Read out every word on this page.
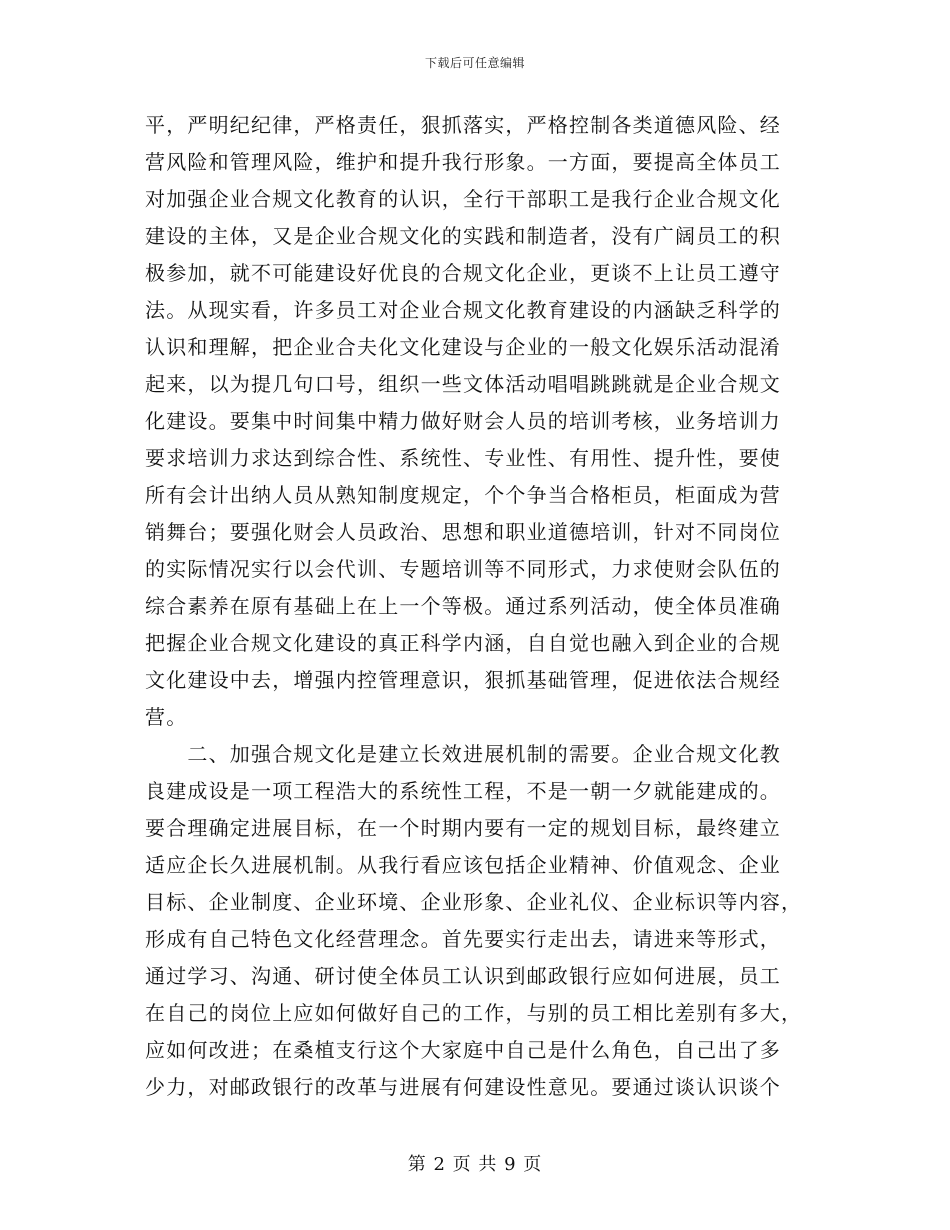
下载后可任意编辑
平，严明纪纪律，严格责任，狠抓落实，严格控制各类道德风险、经
营风险和管理风险，维护和提升我行形象。一方面，要提高全体员工
对加强企业合规文化教育的认识，全行干部职工是我行企业合规文化
建设的主体，又是企业合规文化的实践和制造者，没有广阔员工的积
极参加，就不可能建设好优良的合规文化企业，更谈不上让员工遵守
法。从现实看，许多员工对企业合规文化教育建设的内涵缺乏科学的
认识和理解，把企业合夫化文化建设与企业的一般文化娱乐活动混淆
起来，以为提几句口号，组织一些文体活动唱唱跳跳就是企业合规文
化建设。要集中时间集中精力做好财会人员的培训考核，业务培训力
要求培训力求达到综合性、系统性、专业性、有用性、提升性，要使
所有会计出纳人员从熟知制度规定，个个争当合格柜员，柜面成为营
销舞台；要强化财会人员政治、思想和职业道德培训，针对不同岗位
的实际情况实行以会代训、专题培训等不同形式，力求使财会队伍的
综合素养在原有基础上在上一个等极。通过系列活动，使全体员准确
把握企业合规文化建设的真正科学内涵，自自觉也融入到企业的合规
文化建设中去，增强内控管理意识，狠抓基础管理，促进依法合规经
营。
　　二、加强合规文化是建立长效进展机制的需要。企业合规文化教
良建成设是一项工程浩大的系统性工程，不是一朝一夕就能建成的。
要合理确定进展目标，在一个时期内要有一定的规划目标，最终建立
适应企长久进展机制。从我行看应该包括企业精神、价值观念、企业
目标、企业制度、企业环境、企业形象、企业礼仪、企业标识等内容，
形成有自己特色文化经营理念。首先要实行走出去，请进来等形式，
通过学习、沟通、研讨使全体员工认识到邮政银行应如何进展，员工
在自己的岗位上应如何做好自己的工作，与别的员工相比差别有多大，
应如何改进；在桑植支行这个大家庭中自己是什么角色，自己出了多
少力，对邮政银行的改革与进展有何建设性意见。要通过谈认识谈个
第 2 页 共 9 页
